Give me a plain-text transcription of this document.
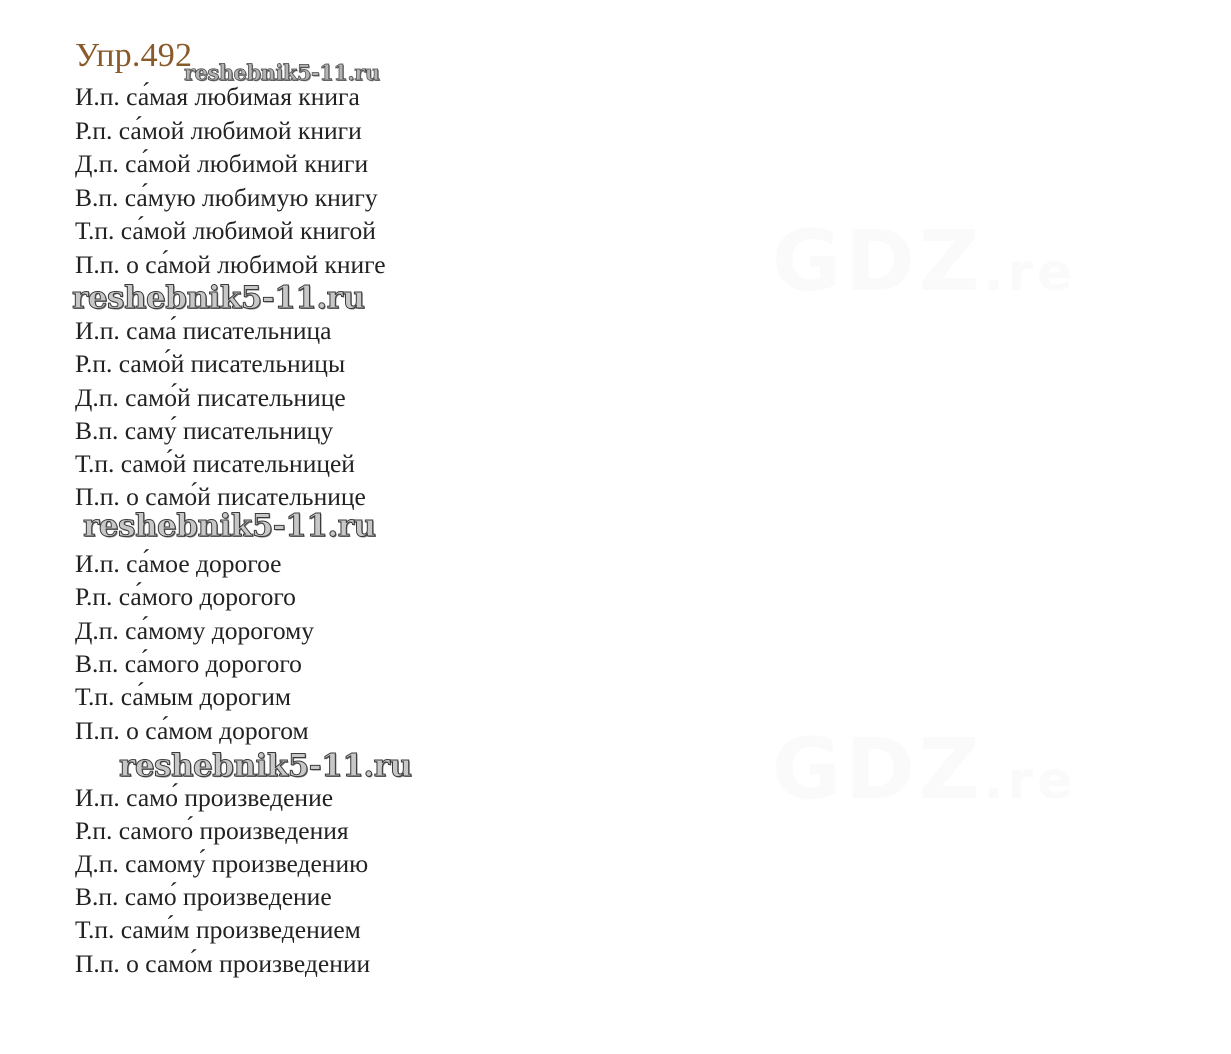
GDZ.re
GDZ.re
Упр.492
reshebnik5-11.ru
И.п. са́мая любимая книга
Р.п. са́мой любимой книги
Д.п. са́мой любимой книги
В.п. са́мую любимую книгу
Т.п. са́мой любимой книгой
П.п. о са́мой любимой книге
reshebnik5-11.ru
И.п. сама́ писательница
Р.п. само́й писательницы
Д.п. само́й писательнице
В.п. саму́ писательницу
Т.п. само́й писательницей
П.п. о само́й писательнице
reshebnik5-11.ru
И.п. са́мое дорогое
Р.п. са́мого дорогого
Д.п. са́мому дорогому
В.п. са́мого дорогого
Т.п. са́мым дорогим
П.п. о са́мом дорогом
reshebnik5-11.ru
И.п. само́ произведение
Р.п. самого́ произведения
Д.п. самому́ произведению
В.п. само́ произведение
Т.п. сами́м произведением
П.п. о само́м произведении
